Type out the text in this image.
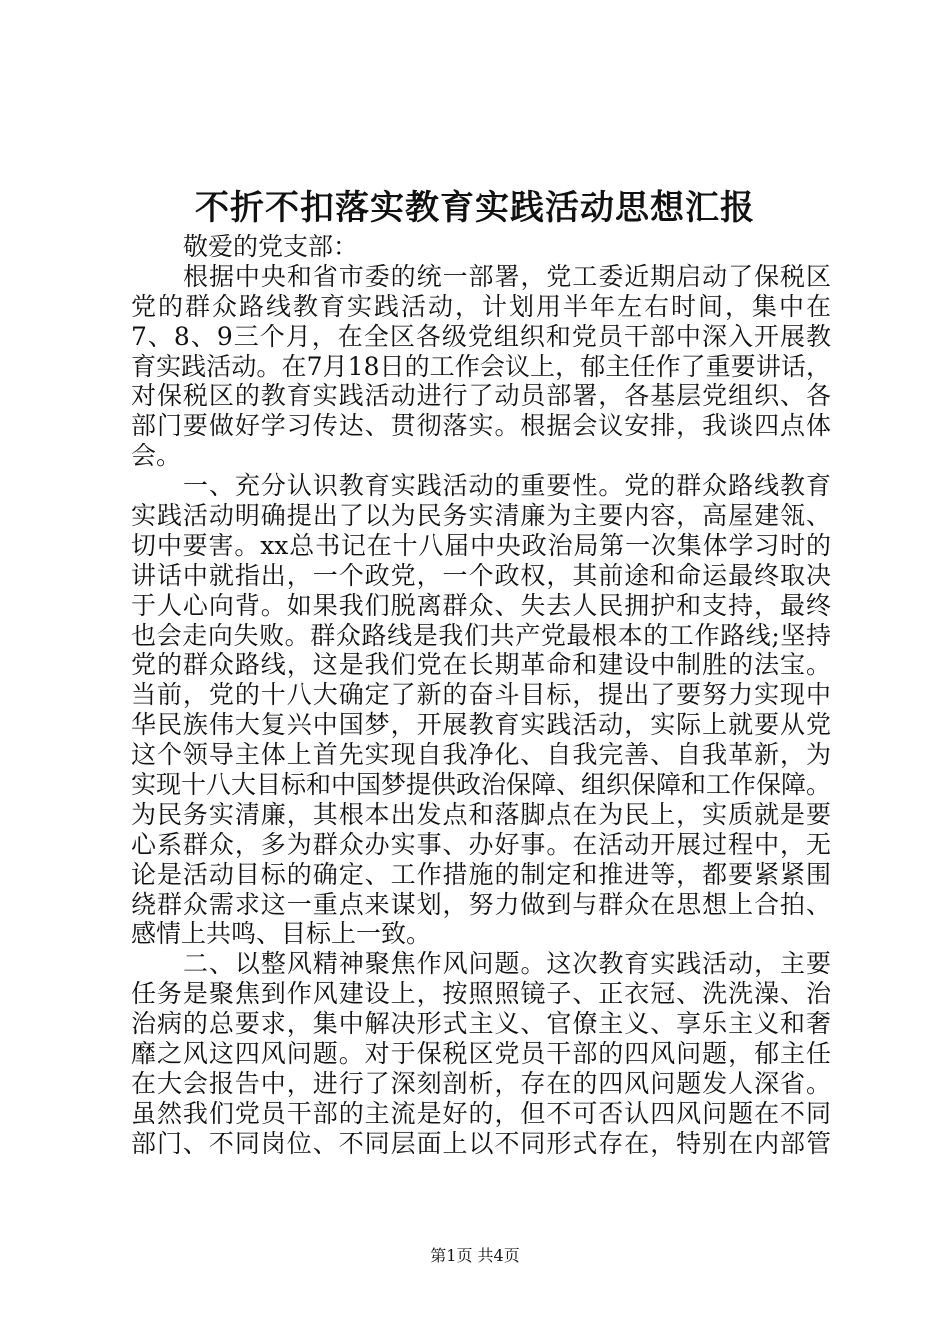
不折不扣落实教育实践活动思想汇报
敬爱的党支部：
根据中央和省市委的统一部署，党工委近期启动了保税区
党的群众路线教育实践活动，计划用半年左右时间，集中在
7、8、9三个月，在全区各级党组织和党员干部中深入开展教
育实践活动。在7月18日的工作会议上，郁主任作了重要讲话，
对保税区的教育实践活动进行了动员部署，各基层党组织、各
部门要做好学习传达、贯彻落实。根据会议安排，我谈四点体
会。
一、充分认识教育实践活动的重要性。党的群众路线教育
实践活动明确提出了以为民务实清廉为主要内容，高屋建瓴、
切中要害。xx总书记在十八届中央政治局第一次集体学习时的
讲话中就指出，一个政党，一个政权，其前途和命运最终取决
于人心向背。如果我们脱离群众、失去人民拥护和支持，最终
也会走向失败。群众路线是我们共产党最根本的工作路线;坚持
党的群众路线，这是我们党在长期革命和建设中制胜的法宝。
当前，党的十八大确定了新的奋斗目标，提出了要努力实现中
华民族伟大复兴中国梦，开展教育实践活动，实际上就要从党
这个领导主体上首先实现自我净化、自我完善、自我革新，为
实现十八大目标和中国梦提供政治保障、组织保障和工作保障。
为民务实清廉，其根本出发点和落脚点在为民上，实质就是要
心系群众，多为群众办实事、办好事。在活动开展过程中，无
论是活动目标的确定、工作措施的制定和推进等，都要紧紧围
绕群众需求这一重点来谋划，努力做到与群众在思想上合拍、
感情上共鸣、目标上一致。
二、以整风精神聚焦作风问题。这次教育实践活动，主要
任务是聚焦到作风建设上，按照照镜子、正衣冠、洗洗澡、治
治病的总要求，集中解决形式主义、官僚主义、享乐主义和奢
靡之风这四风问题。对于保税区党员干部的四风问题，郁主任
在大会报告中，进行了深刻剖析，存在的四风问题发人深省。
虽然我们党员干部的主流是好的，但不可否认四风问题在不同
部门、不同岗位、不同层面上以不同形式存在，特别在内部管
第1页 共4页
